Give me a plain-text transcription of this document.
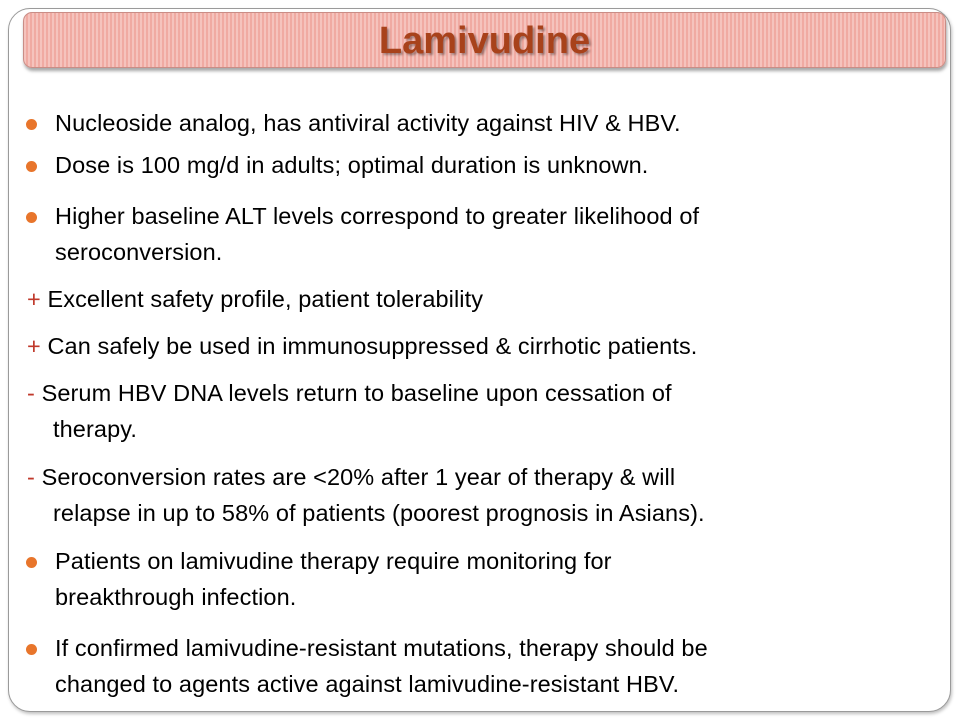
Lamivudine
Nucleoside analog, has antiviral activity against HIV & HBV.
Dose is 100 mg/d in adults; optimal duration is unknown.
Higher baseline ALT levels correspond to greater likelihood of
seroconversion.
+ Excellent safety profile, patient tolerability
+ Can safely be used in immunosuppressed & cirrhotic patients.
- Serum HBV DNA levels return to baseline upon cessation of
therapy.
- Seroconversion rates are <20% after 1 year of therapy & will
relapse in up to 58% of patients (poorest prognosis in Asians).
Patients on lamivudine therapy require monitoring for
breakthrough infection.
If confirmed lamivudine-resistant mutations, therapy should be
changed to agents active against lamivudine-resistant HBV.
